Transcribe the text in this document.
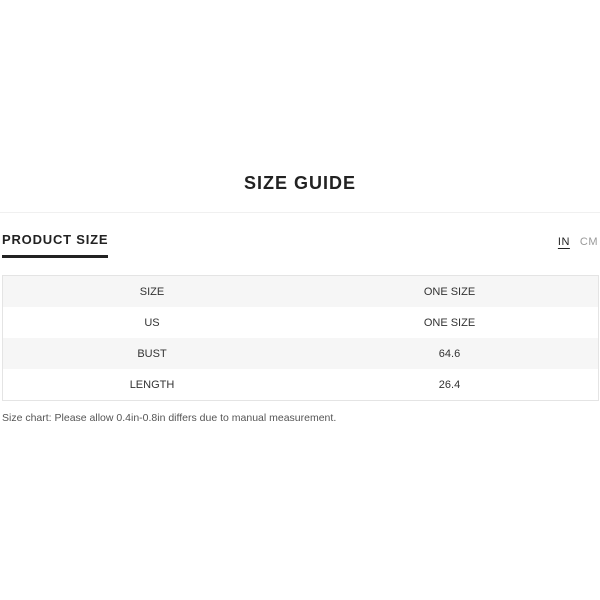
SIZE GUIDE
PRODUCT SIZE	IN CM
SIZE	ONE SIZE
US	ONE SIZE
BUST	64.6
LENGTH	26.4
Size chart: Please allow 0.4in-0.8in differs due to manual measurement.
